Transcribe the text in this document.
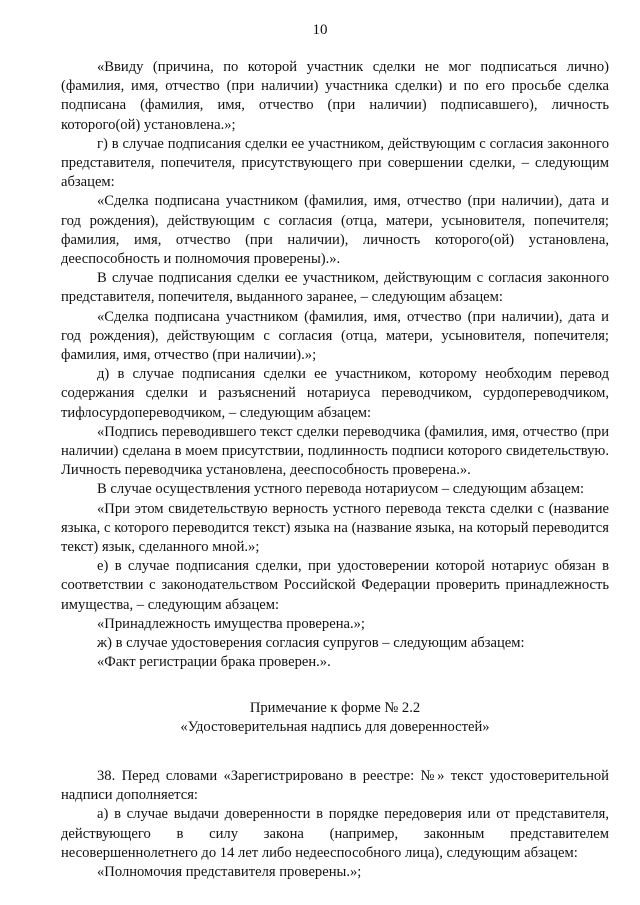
10

«Ввиду (причина, по которой участник сделки не мог подписаться лично) (фамилия, имя, отчество (при наличии) участника сделки) и по его просьбе сделка подписана (фамилия, имя, отчество (при наличии) подписавшего), личность которого(ой) установлена.»;

г) в случае подписания сделки ее участником, действующим с согласия законного представителя, попечителя, присутствующего при совершении сделки, – следующим абзацем:

«Сделка подписана участником (фамилия, имя, отчество (при наличии), дата и год рождения), действующим с согласия (отца, матери, усыновителя, попечителя; фамилия, имя, отчество (при наличии), личность которого(ой) установлена, дееспособность и полномочия проверены).».

В случае подписания сделки ее участником, действующим с согласия законного представителя, попечителя, выданного заранее, – следующим абзацем:

«Сделка подписана участником (фамилия, имя, отчество (при наличии), дата и год рождения), действующим с согласия (отца, матери, усыновителя, попечителя; фамилия, имя, отчество (при наличии).»;

д) в случае подписания сделки ее участником, которому необходим перевод содержания сделки и разъяснений нотариуса переводчиком, сурдопереводчиком, тифлосурдопереводчиком, – следующим абзацем:

«Подпись переводившего текст сделки переводчика (фамилия, имя, отчество (при наличии) сделана в моем присутствии, подлинность подписи которого свидетельствую. Личность переводчика установлена, дееспособность проверена.».

В случае осуществления устного перевода нотариусом – следующим абзацем:

«При этом свидетельствую верность устного перевода текста сделки с (название языка, с которого переводится текст) языка на (название языка, на который переводится текст) язык, сделанного мной.»;

е) в случае подписания сделки, при удостоверении которой нотариус обязан в соответствии с законодательством Российской Федерации проверить принадлежность имущества, – следующим абзацем:

«Принадлежность имущества проверена.»;

ж) в случае удостоверения согласия супругов – следующим абзацем:

«Факт регистрации брака проверен.».

Примечание к форме № 2.2

«Удостоверительная надпись для доверенностей»

38. Перед словами «Зарегистрировано в реестре: №» текст удостоверительной надписи дополняется:

а) в случае выдачи доверенности в порядке передоверия или от представителя, действующего в силу закона (например, законным представителем несовершеннолетнего до 14 лет либо недееспособного лица), следующим абзацем:

«Полномочия представителя проверены.»;
